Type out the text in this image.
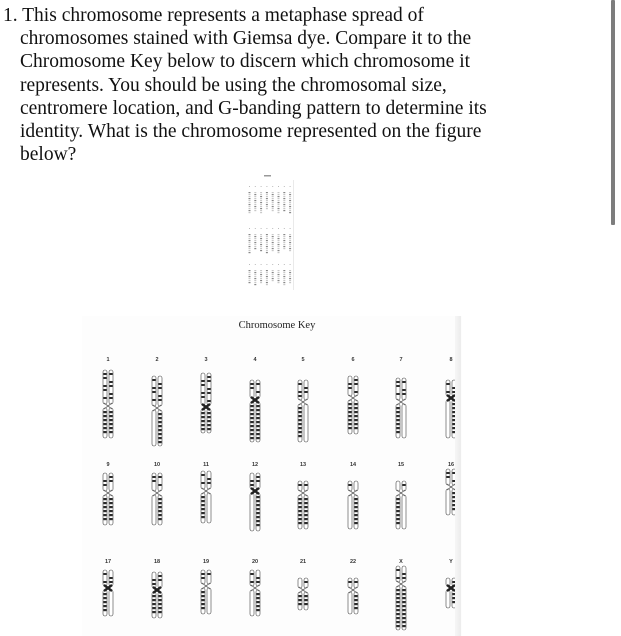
1. This chromosome represents a metaphase spread of
chromosomes stained with Giemsa dye. Compare it to the
Chromosome Key below to discern which chromosome it
represents. You should be using the chromosomal size,
centromere location, and G-banding pattern to determine its
identity. What is the chromosome represented on the figure
below?
Chromosome Key
1	2	3	4	5	6	7	8
9	10	11	12	13	14	15	16
17	18	19	20	21	22	X	Y
